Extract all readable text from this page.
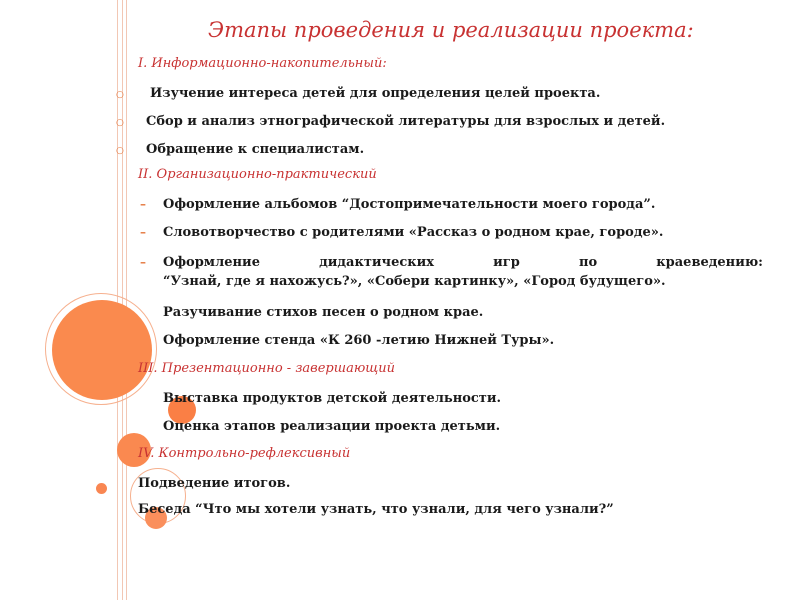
Этапы проведения и реализации проекта:
I. Информационно-накопительный:
○ Изучение интереса детей для определения целей проекта.
○ Сбор и анализ этнографической литературы для взрослых и детей.
○ Обращение к специалистам.
II. Организационно-практический
– Оформление альбомов “Достопримечательности моего города”.
– Словотворчество с родителями «Рассказ о родном крае, городе».
– Оформление	дидактических	игр	по	краеведению:
“Узнай, где я нахожусь?», «Собери картинку», «Город будущего».
Разучивание стихов песен о родном крае.
Оформление стенда «К 260 -летию Нижней Туры».
III. Презентационно - завершающий
Выставка продуктов детской деятельности.
Оценка этапов реализации проекта детьми.
IV. Контрольно-рефлексивный
Подведение итогов.
Беседа “Что мы хотели узнать, что узнали, для чего узнали?”
